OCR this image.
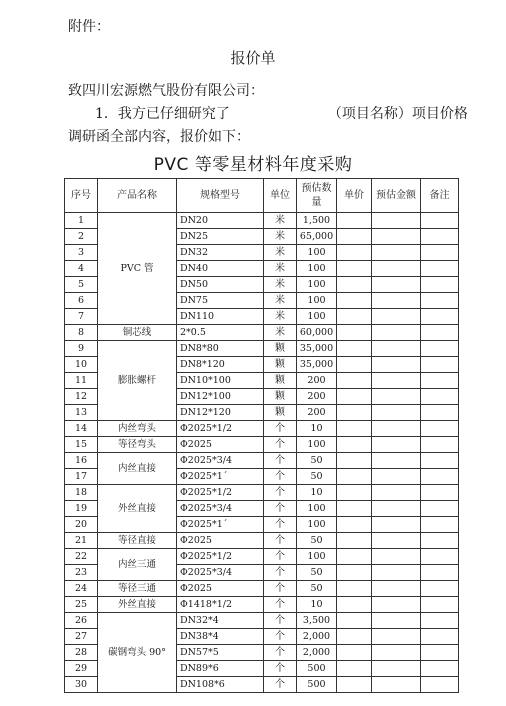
附件：
报价单
致四川宏源燃气股份有限公司：
1．我方已仔细研究了	（项目名称）项目价格
调研函全部内容，报价如下：
PVC 等零星材料年度采购
序号	产品名称	规格型号	单位	预估数量	单价	预估金额	备注
1	PVC 管	DN20	米	1,500			
2		DN25	米	65,000			
3		DN32	米	100			
4		DN40	米	100			
5		DN50	米	100			
6		DN75	米	100			
7		DN110	米	100			
8	铜芯线	2*0.5	米	60,000			
9	膨胀螺杆	DN8*80	颗	35,000			
10		DN8*120	颗	35,000			
11		DN10*100	颗	200			
12		DN12*100	颗	200			
13		DN12*120	颗	200			
14	内丝弯头	Φ2025*1/2	个	10			
15	等径弯头	Φ2025	个	100			
16	内丝直接	Φ2025*3/4	个	50			
17		Φ2025*1´	个	50			
18	外丝直接	Φ2025*1/2	个	10			
19		Φ2025*3/4	个	100			
20		Φ2025*1´	个	100			
21	等径直接	Φ2025	个	50			
22	内丝三通	Φ2025*1/2	个	100			
23		Φ2025*3/4	个	50			
24	等径三通	Φ2025	个	50			
25	外丝直接	Φ1418*1/2	个	10			
26	碳钢弯头 90°	DN32*4	个	3,500			
27		DN38*4	个	2,000			
28		DN57*5	个	2,000			
29		DN89*6	个	500			
30		DN108*6	个	500			
